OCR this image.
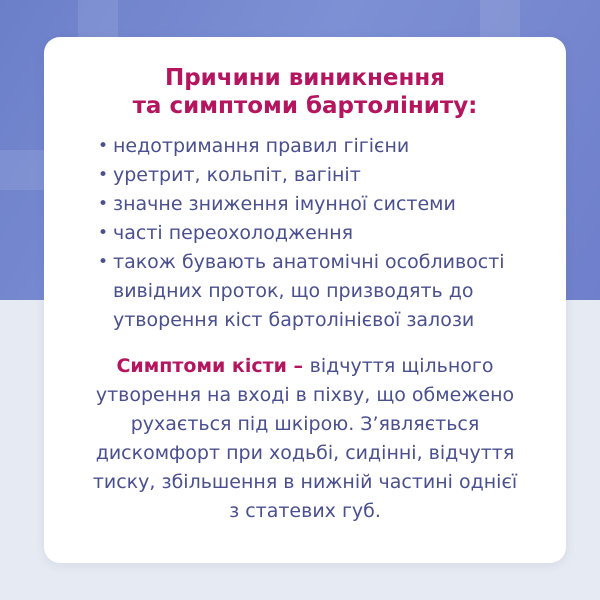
Причини виникнення
та симптоми бартоліниту:
• недотримання правил гігієни
• уретрит, кольпіт, вагініт
• значне зниження імунної системи
• часті переохолодження
• також бувають анатомічні особливості вивідних проток, що призводять до утворення кіст бартолінієвої залози

Симптоми кісти – відчуття щільного утворення на вході в піхву, що обмежено рухається під шкірою. З’являється дискомфорт при ходьбі, сидінні, відчуття тиску, збільшення в нижній частині однієї з статевих губ.
